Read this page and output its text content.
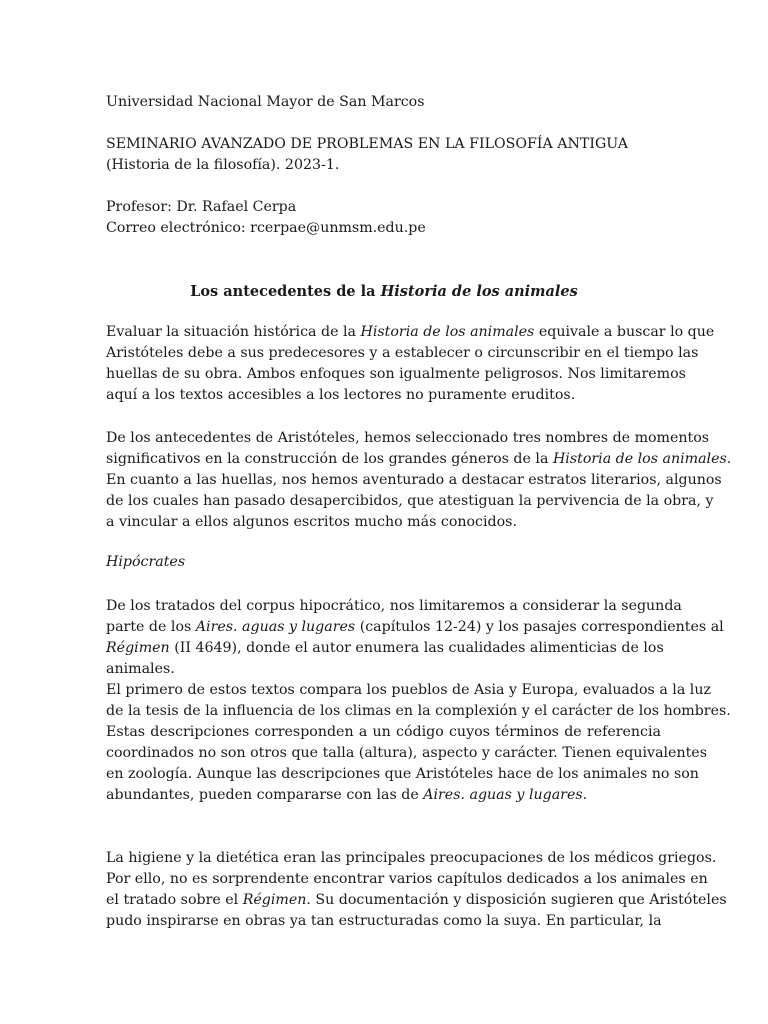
Universidad Nacional Mayor de San Marcos

SEMINARIO AVANZADO DE PROBLEMAS EN LA FILOSOFÍA ANTIGUA

(Historia de la filosofía). 2023-1.

Profesor: Dr. Rafael Cerpa

Correo electrónico: rcerpae@unmsm.edu.pe

Los antecedentes de la Historia de los animales

Evaluar la situación histórica de la Historia de los animales equivale a buscar lo que
Aristóteles debe a sus predecesores y a establecer o circunscribir en el tiempo las
huellas de su obra. Ambos enfoques son igualmente peligrosos. Nos limitaremos
aquí a los textos accesibles a los lectores no puramente eruditos.
De los antecedentes de Aristóteles, hemos seleccionado tres nombres de momentos
significativos en la construcción de los grandes géneros de la Historia de los animales.
En cuanto a las huellas, nos hemos aventurado a destacar estratos literarios, algunos
de los cuales han pasado desapercibidos, que atestiguan la pervivencia de la obra, y
a vincular a ellos algunos escritos mucho más conocidos.

Hipócrates

De los tratados del corpus hipocrático, nos limitaremos a considerar la segunda
parte de los Aires. aguas y lugares (capítulos 12-24) y los pasajes correspondientes al
Régimen (II 4649), donde el autor enumera las cualidades alimenticias de los
animales.
El primero de estos textos compara los pueblos de Asia y Europa, evaluados a la luz
de la tesis de la influencia de los climas en la complexión y el carácter de los hombres.
Estas descripciones corresponden a un código cuyos términos de referencia
coordinados no son otros que talla (altura), aspecto y carácter. Tienen equivalentes
en zoología. Aunque las descripciones que Aristóteles hace de los animales no son
abundantes, pueden compararse con las de Aires. aguas y lugares.
La higiene y la dietética eran las principales preocupaciones de los médicos griegos.
Por ello, no es sorprendente encontrar varios capítulos dedicados a los animales en
el tratado sobre el Régimen. Su documentación y disposición sugieren que Aristóteles
pudo inspirarse en obras ya tan estructuradas como la suya. En particular, la
